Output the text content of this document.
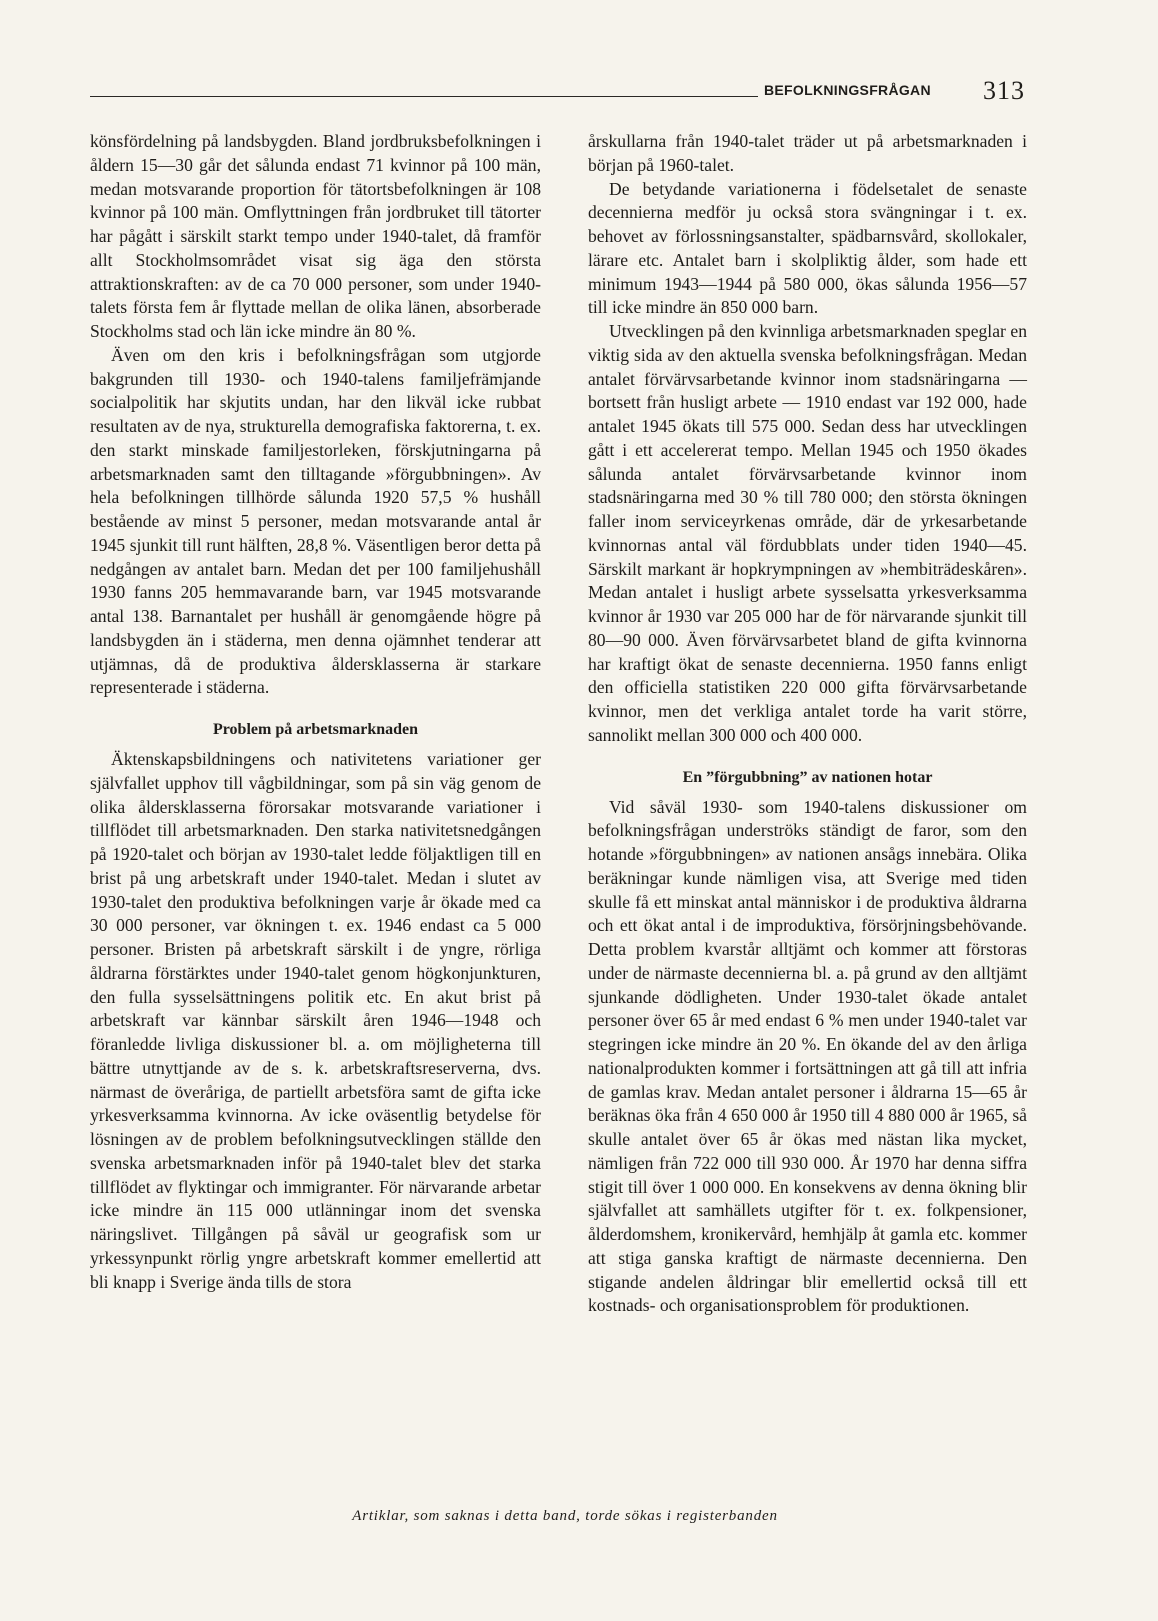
BEFOLKNINGSFRÅGAN 313

könsfördelning på landsbygden. Bland jordbruksbefolkningen i åldern 15—30 går det sålunda endast 71 kvinnor på 100 män, medan motsvarande proportion för tätortsbefolkningen är 108 kvinnor på 100 män. Omflyttningen från jordbruket till tätorter har pågått i särskilt starkt tempo under 1940-talet, då framför allt Stockholmsområdet visat sig äga den största attraktionskraften: av de ca 70 000 personer, som under 1940-talets första fem år flyttade mellan de olika länen, absorberade Stockholms stad och län icke mindre än 80 %.

Även om den kris i befolkningsfrågan som utgjorde bakgrunden till 1930- och 1940-talens familjefrämjande socialpolitik har skjutits undan, har den likväl icke rubbat resultaten av de nya, strukturella demografiska faktorerna, t. ex. den starkt minskade familjestorleken, förskjutningarna på arbetsmarknaden samt den tilltagande »förgubbningen». Av hela befolkningen tillhörde sålunda 1920 57,5 % hushåll bestående av minst 5 personer, medan motsvarande antal år 1945 sjunkit till runt hälften, 28,8 %. Väsentligen beror detta på nedgången av antalet barn. Medan det per 100 familjehushåll 1930 fanns 205 hemmavarande barn, var 1945 motsvarande antal 138. Barnantalet per hushåll är genomgående högre på landsbygden än i städerna, men denna ojämnhet tenderar att utjämnas, då de produktiva åldersklasserna är starkare representerade i städerna.

Problem på arbetsmarknaden

Äktenskapsbildningens och nativitetens variationer ger självfallet upphov till vågbildningar, som på sin väg genom de olika åldersklasserna förorsakar motsvarande variationer i tillflödet till arbetsmarknaden. Den starka nativitetsnedgången på 1920-talet och början av 1930-talet ledde följaktligen till en brist på ung arbetskraft under 1940-talet. Medan i slutet av 1930-talet den produktiva befolkningen varje år ökade med ca 30 000 personer, var ökningen t. ex. 1946 endast ca 5 000 personer. Bristen på arbetskraft särskilt i de yngre, rörliga åldrarna förstärktes under 1940-talet genom högkonjunkturen, den fulla sysselsättningens politik etc. En akut brist på arbetskraft var kännbar särskilt åren 1946—1948 och föranledde livliga diskussioner bl. a. om möjligheterna till bättre utnyttjande av de s. k. arbetskraftsreserverna, dvs. närmast de överåriga, de partiellt arbetsföra samt de gifta icke yrkesverksamma kvinnorna. Av icke oväsentlig betydelse för lösningen av de problem befolkningsutvecklingen ställde den svenska arbetsmarknaden inför på 1940-talet blev det starka tillflödet av flyktingar och immigranter. För närvarande arbetar icke mindre än 115 000 utlänningar inom det svenska näringslivet. Tillgången på såväl ur geografisk som ur yrkessynpunkt rörlig yngre arbetskraft kommer emellertid att bli knapp i Sverige ända tills de stora

årskullarna från 1940-talet träder ut på arbetsmarknaden i början på 1960-talet.

De betydande variationerna i födelsetalet de senaste decennierna medför ju också stora svängningar i t. ex. behovet av förlossningsanstalter, spädbarnsvård, skollokaler, lärare etc. Antalet barn i skolpliktig ålder, som hade ett minimum 1943—1944 på 580 000, ökas sålunda 1956—57 till icke mindre än 850 000 barn.

Utvecklingen på den kvinnliga arbetsmarknaden speglar en viktig sida av den aktuella svenska befolkningsfrågan. Medan antalet förvärvsarbetande kvinnor inom stadsnäringarna — bortsett från husligt arbete — 1910 endast var 192 000, hade antalet 1945 ökats till 575 000. Sedan dess har utvecklingen gått i ett accelererat tempo. Mellan 1945 och 1950 ökades sålunda antalet förvärvsarbetande kvinnor inom stadsnäringarna med 30 % till 780 000; den största ökningen faller inom serviceyrkenas område, där de yrkesarbetande kvinnornas antal väl fördubblats under tiden 1940—45. Särskilt markant är hopkrympningen av »hembiträdeskåren». Medan antalet i husligt arbete sysselsatta yrkesverksamma kvinnor år 1930 var 205 000 har de för närvarande sjunkit till 80—90 000. Även förvärvsarbetet bland de gifta kvinnorna har kraftigt ökat de senaste decennierna. 1950 fanns enligt den officiella statistiken 220 000 gifta förvärvsarbetande kvinnor, men det verkliga antalet torde ha varit större, sannolikt mellan 300 000 och 400 000.

En ”förgubbning” av nationen hotar

Vid såväl 1930- som 1940-talens diskussioner om befolkningsfrågan underströks ständigt de faror, som den hotande »förgubbningen» av nationen ansågs innebära. Olika beräkningar kunde nämligen visa, att Sverige med tiden skulle få ett minskat antal människor i de produktiva åldrarna och ett ökat antal i de improduktiva, försörjningsbehövande. Detta problem kvarstår alltjämt och kommer att förstoras under de närmaste decennierna bl. a. på grund av den alltjämt sjunkande dödligheten. Under 1930-talet ökade antalet personer över 65 år med endast 6 % men under 1940-talet var stegringen icke mindre än 20 %. En ökande del av den årliga nationalprodukten kommer i fortsättningen att gå till att infria de gamlas krav. Medan antalet personer i åldrarna 15—65 år beräknas öka från 4 650 000 år 1950 till 4 880 000 år 1965, så skulle antalet över 65 år ökas med nästan lika mycket, nämligen från 722 000 till 930 000. År 1970 har denna siffra stigit till över 1 000 000. En konsekvens av denna ökning blir självfallet att samhällets utgifter för t. ex. folkpensioner, ålderdomshem, kronikervård, hemhjälp åt gamla etc. kommer att stiga ganska kraftigt de närmaste decennierna. Den stigande andelen åldringar blir emellertid också till ett kostnads- och organisationsproblem för produktionen.

Artiklar, som saknas i detta band, torde sökas i registerbanden
